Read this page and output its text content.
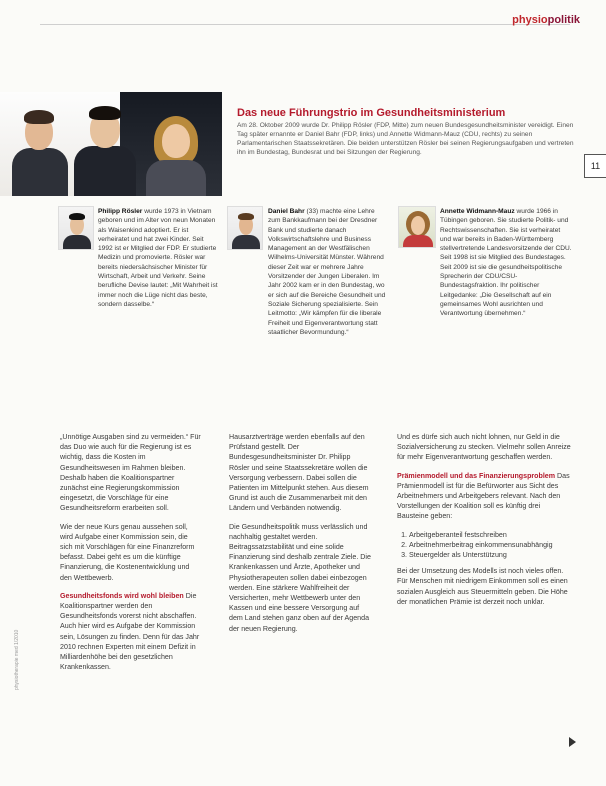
physiopolitik
11
Das neue Führungstrio im Gesundheitsministerium
Am 28. Oktober 2009 wurde Dr. Philipp Rösler (FDP, Mitte) zum neuen Bundesgesundheitsminister vereidigt. Einen Tag später ernannte er Daniel Bahr (FDP, links) und Annette Widmann-Mauz (CDU, rechts) zu seinen Parlamentarischen Staatssekretären. Die beiden unterstützen Rösler bei seinen Regierungsaufgaben und vertreten ihn im Bundestag, Bundesrat und bei Sitzungen der Regierung.
Philipp Rösler wurde 1973 in Vietnam geboren und im Alter von neun Monaten als Waisenkind adoptiert. Er ist verheiratet und hat zwei Kinder. Seit 1992 ist er Mitglied der FDP. Er studierte Medizin und promovierte. Rösler war bereits niedersächsischer Minister für Wirtschaft, Arbeit und Verkehr. Seine berufliche Devise lautet: „Mit Wahrheit ist immer noch die Lüge nicht das beste, sondern dasselbe.“
Daniel Bahr (33) machte eine Lehre zum Bankkaufmann bei der Dresdner Bank und studierte danach Volkswirtschaftslehre und Business Management an der Westfälischen Wilhelms-Universität Münster. Während dieser Zeit war er mehrere Jahre Vorsitzender der Jungen Liberalen. Im Jahr 2002 kam er in den Bundestag, wo er sich auf die Bereiche Gesundheit und Soziale Sicherung spezialisierte. Sein Leitmotto: „Wir kämpfen für die liberale Freiheit und Eigenverantwortung statt staatlicher Bevormundung.“
Annette Widmann-Mauz wurde 1966 in Tübingen geboren. Sie studierte Politik- und Rechtswissenschaften. Sie ist verheiratet und war bereits in Baden-Württemberg stellvertretende Landesvorsitzende der CDU. Seit 1998 ist sie Mitglied des Bundestages. Seit 2009 ist sie die gesundheitspolitische Sprecherin der CDU/CSU-Bundestagsfraktion. Ihr politischer Leitgedanke: „Die Gesellschaft auf ein gemeinsames Wohl ausrichten und Verantwortung übernehmen.“

„Unnötige Ausgaben sind zu vermeiden.“ Für das Duo wie auch für die Regierung ist es wichtig, dass die Kosten im Gesundheitswesen im Rahmen bleiben. Deshalb haben die Koalitionspartner zunächst eine Regierungskommission eingesetzt, die Vorschläge für eine Gesundheitsreform erarbeiten soll.

Wie der neue Kurs genau aussehen soll, wird Aufgabe einer Kommission sein, die sich mit Vorschlägen für eine Finanzreform befasst. Dabei geht es um die künftige Finanzierung, die Kostenentwicklung und den Wettbewerb.

Gesundheitsfonds wird wohl bleiben Die Koalitionspartner werden den Gesundheitsfonds vorerst nicht abschaffen. Auch hier wird es Aufgabe der Kommission sein, Lösungen zu finden. Denn für das Jahr 2010 rechnen Experten mit einem Defizit in Milliardenhöhe bei den gesetzlichen Krankenkassen.

Hausarztverträge werden ebenfalls auf den Prüfstand gestellt. Der Bundesgesundheitsminister Dr. Philipp Rösler und seine Staatssekretäre wollen die Versorgung verbessern. Dabei sollen die Patienten im Mittelpunkt stehen. Aus diesem Grund ist auch die Zusammenarbeit mit den Ländern und Verbänden notwendig.

Die Gesundheitspolitik muss verlässlich und nachhaltig gestaltet werden. Beitragssatzstabilität und eine solide Finanzierung sind deshalb zentrale Ziele. Die Krankenkassen und Ärzte, Apotheker und Physiotherapeuten sollen dabei einbezogen werden. Eine stärkere Wahlfreiheit der Versicherten, mehr Wettbewerb unter den Kassen und eine bessere Versorgung auf dem Land stehen ganz oben auf der Agenda der neuen Regierung.

Und es dürfe sich auch nicht lohnen, nur Geld in die Sozialversicherung zu stecken. Vielmehr sollen Anreize für mehr Eigenverantwortung geschaffen werden.

Prämienmodell und das Finanzierungsproblem Das Prämienmodell ist für die Befürworter aus Sicht des Arbeitnehmers und Arbeitgebers relevant. Nach den Vorstellungen der Koalition soll es künftig drei Bausteine geben:

1. Arbeitgeberanteil festschreiben
2. Arbeitnehmerbeitrag einkommensunabhängig
3. Steuergelder als Unterstützung

Bei der Umsetzung des Modells ist noch vieles offen. Für Menschen mit niedrigem Einkommen soll es einen sozialen Ausgleich aus Steuermitteln geben. Die Höhe der monatlichen Prämie ist derzeit noch unklar.

physiotherapie med 1/2010
